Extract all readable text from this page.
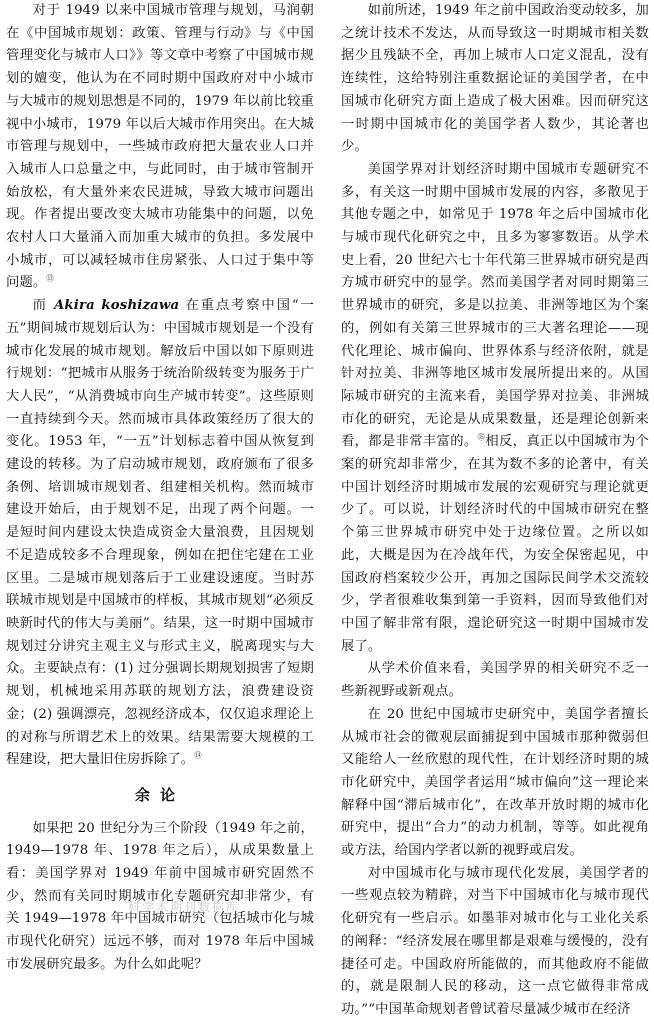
对于 1949 以来中国城市管理与规划，马润朝在《中国城市规划：政策、管理与行动》与《中国管理变化与城市人口》》等文章中考察了中国城市规划的嬗变，他认为在不同时期中国政府对中小城市与大城市的规划思想是不同的，1979 年以前比较重视中小城市，1979 年以后大城市作用突出。在大城市管理与规划中，一些城市政府把大量农业人口并入城市人口总量之中，与此同时，由于城市管制开始放松，有大量外来农民进城，导致大城市问题出现。作者提出要改变大城市功能集中的问题，以免农村人口大量涌入而加重大城市的负担。多发展中小城市，可以减轻城市住房紧张、人口过于集中等问题。⑬

而 Akira koshizawa 在重点考察中国“一五”期间城市规划后认为：中国城市规划是一个没有城市化发展的城市规划。解放后中国以如下原则进行规划：“把城市从服务于统治阶级转变为服务于广大人民”，“从消费城市向生产城市转变”。这些原则一直持续到今天。然而城市具体政策经历了很大的变化。1953 年，“一五”计划标志着中国从恢复到建设的转移。为了启动城市规划，政府颁布了很多条例、培训城市规划者、组建相关机构。然而城市建设开始后，由于规划不足，出现了两个问题。一是短时间内建设太快造成资金大量浪费，且因规划不足造成较多不合理现象，例如在把住宅建在工业区里。二是城市规划落后于工业建设速度。当时苏联城市规划是中国城市的样板，其城市规划“必须反映新时代的伟大与美丽”。结果，这一时期中国城市规划过分讲究主观主义与形式主义，脱离现实与大众。主要缺点有：(1) 过分强调长期规划损害了短期规划，机械地采用苏联的规划方法，浪费建设资金；(2) 强调漂亮，忽视经济成本，仅仅追求理论上的对称与所谓艺术上的效果。结果需要大规模的工程建设，把大量旧住房拆除了。⑭

余论

如果把 20 世纪分为三个阶段（1949 年之前，1949—1978 年、1978 年之后），从成果数量上看：美国学界对 1949 年前中国城市研究固然不少，然而有关同时期城市化专题研究却非常少，有关 1949—1978 年中国城市研究（包括城市化与城市现代化研究）远远不够，而对 1978 年后中国城市发展研究最多。为什么如此呢？

如前所述，1949 年之前中国政治变动较多，加之统计技术不发达，从而导致这一时期城市相关数据少且残缺不全，再加上城市人口定义混乱，没有连续性，这给特别注重数据论证的美国学者，在中国城市化研究方面上造成了极大困难。因而研究这一时期中国城市化的美国学者人数少，其论著也少。

美国学界对计划经济时期中国城市专题研究不多，有关这一时期中国城市发展的内容，多散见于其他专题之中，如常见于 1978 年之后中国城市化与城市现代化研究之中，且多为寥寥数语。从学术史上看，20 世纪六七十年代第三世界城市研究是西方城市研究中的显学。然而美国学者对同时期第三世界城市的研究，多是以拉美、非洲等地区为个案的，例如有关第三世界城市的三大著名理论——现代化理论、城市偏向、世界体系与经济依附，就是针对拉美、非洲等地区城市发展所提出来的。从国际城市研究的主流来看，美国学界对拉美、非洲城市化的研究，无论是从成果数量，还是理论创新来看，都是非常丰富的。⑮相反，真正以中国城市为个案的研究却非常少，在其为数不多的论著中，有关中国计划经济时期城市发展的宏观研究与理论就更少了。可以说，计划经济时代的中国城市研究在整个第三世界城市研究中处于边缘位置。之所以如此，大概是因为在冷战年代，为安全保密起见，中国政府档案较少公开，再加之国际民间学术交流较少，学者很难收集到第一手资料，因而导致他们对中国了解非常有限，遑论研究这一时期中国城市发展了。

从学术价值来看，美国学界的相关研究不乏一些新视野或新观点。

在 20 世纪中国城市史研究中，美国学者擅长从城市社会的微观层面捕捉到中国城市那种微弱但又能给人一丝欣慰的现代性，在计划经济时期的城市化研究中，美国学者运用“城市偏向”这一理论来解释中国“滞后城市化”，在改革开放时期的城市化研究中，提出“合力”的动力机制，等等。如此视角或方法，给国内学者以新的视野或启发。

对中国城市化与城市现代化发展，美国学者的一些观点较为精辟，对当下中国城市化与城市现代化研究有一些启示。如墨菲对城市化与工业化关系的阐释：“经济发展在哪里都是艰难与缓慢的，没有捷径可走。中国政府所能做的，而其他政府不能做的，就是限制人民的移动，这一点它做得非常成功。”“中国革命规划者曾试着尽量减少城市在经济

科学术期刊数据库
